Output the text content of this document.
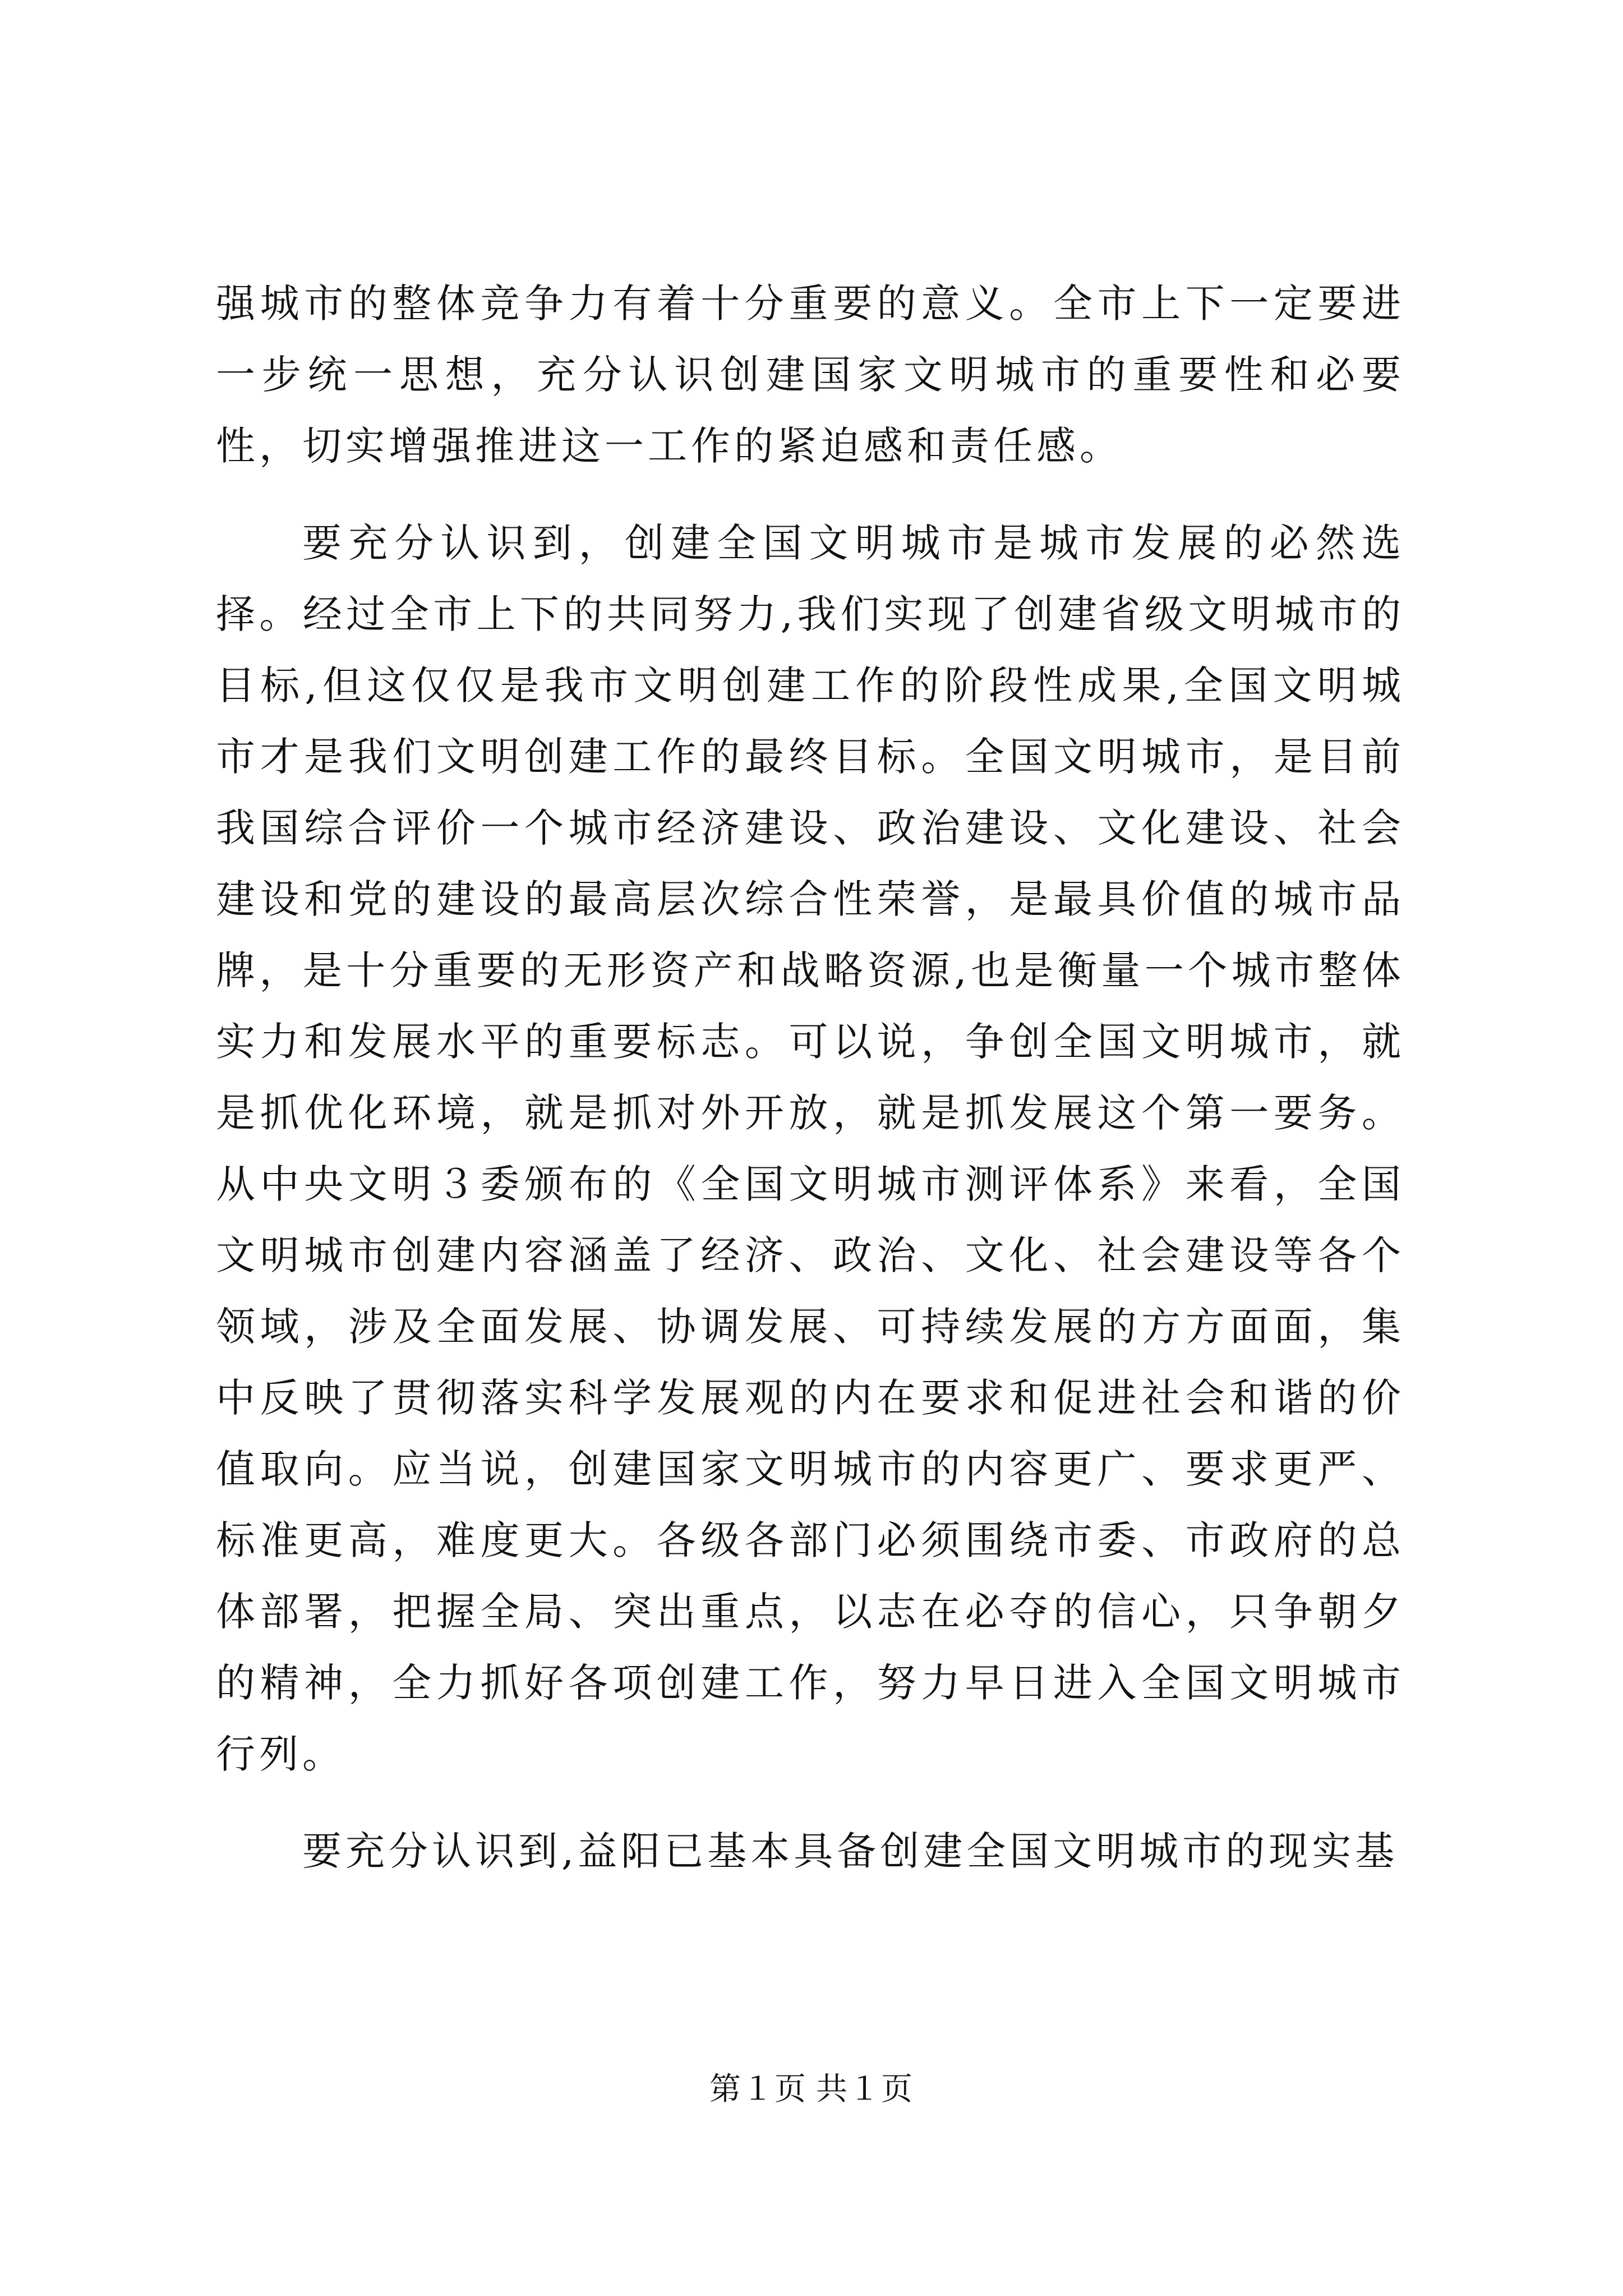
强城市的整体竞争力有着十分重要的意义。全市上下一定要进一步统一思想，充分认识创建国家文明城市的重要性和必要性，切实增强推进这一工作的紧迫感和责任感。

要充分认识到，创建全国文明城市是城市发展的必然选择。经过全市上下的共同努力,我们实现了创建省级文明城市的目标,但这仅仅是我市文明创建工作的阶段性成果,全国文明城市才是我们文明创建工作的最终目标。全国文明城市，是目前我国综合评价一个城市经济建设、政治建设、文化建设、社会建设和党的建设的最高层次综合性荣誉，是最具价值的城市品牌，是十分重要的无形资产和战略资源,也是衡量一个城市整体实力和发展水平的重要标志。可以说，争创全国文明城市，就是抓优化环境，就是抓对外开放，就是抓发展这个第一要务。从中央文明３委颁布的《全国文明城市测评体系》来看，全国文明城市创建内容涵盖了经济、政治、文化、社会建设等各个领域，涉及全面发展、协调发展、可持续发展的方方面面，集中反映了贯彻落实科学发展观的内在要求和促进社会和谐的价值取向。应当说，创建国家文明城市的内容更广、要求更严、标准更高，难度更大。各级各部门必须围绕市委、市政府的总体部署，把握全局、突出重点，以志在必夺的信心，只争朝夕的精神，全力抓好各项创建工作，努力早日进入全国文明城市行列。

要充分认识到,益阳已基本具备创建全国文明城市的现实基

第１页 共１页
